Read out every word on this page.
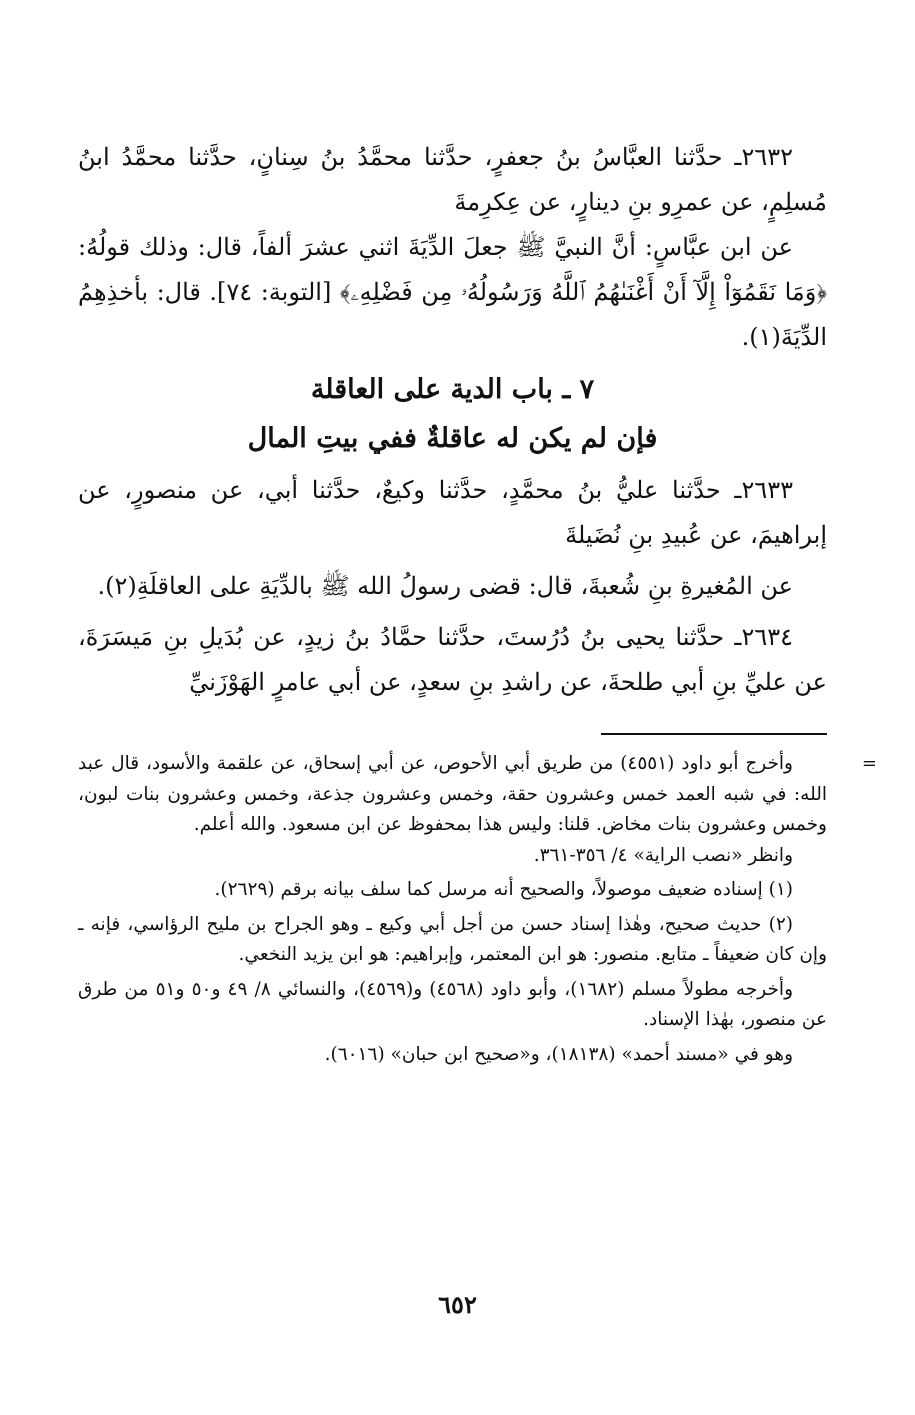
٢٦٣٢ـ حدَّثنا العبَّاسُ بنُ جعفرٍ، حدَّثنا محمَّدُ بنُ سِنانٍ، حدَّثنا محمَّدُ ابنُ مُسلِمٍ، عن عمرِو بنِ دينارٍ، عن عِكرِمةَ

عن ابن عبَّاسٍ: أنَّ النبيَّ ﷺ جعلَ الدِّيَةَ اثني عشرَ ألفاً، قال: وذلك قولُهُ: ﴿وَمَا نَقَمُوٓاْ إِلَّآ أَنْ أَغْنَىٰهُمُ ٱللَّهُ وَرَسُولُهُۥ مِن فَضْلِهِۦ﴾ [التوبة: ٧٤]. قال: بأخذِهِمُ الدِّيَةَ(١).

٧ ـ باب الدية على العاقلة
فإن لم يكن له عاقلةٌ ففي بيتِ المال

٢٦٣٣ـ حدَّثنا عليُّ بنُ محمَّدٍ، حدَّثنا وكيعٌ، حدَّثنا أبي، عن منصورٍ، عن إبراهيمَ، عن عُبيدِ بنِ نُضَيلةَ

عن المُغيرةِ بنِ شُعبةَ، قال: قضى رسولُ الله ﷺ بالدِّيَةِ على العاقلَةِ(٢).

٢٦٣٤ـ حدَّثنا يحيى بنُ دُرُستَ، حدَّثنا حمَّادُ بنُ زيدٍ، عن بُدَيلِ بنِ مَيسَرَةَ، عن عليِّ بنِ أبي طلحةَ، عن راشدِ بنِ سعدٍ، عن أبي عامرٍ الهَوْزَنيِّ

=

وأخرج أبو داود (٤٥٥١) من طريق أبي الأحوص، عن أبي إسحاق، عن علقمة والأسود، قال عبد الله: في شبه العمد خمس وعشرون حقة، وخمس وعشرون جذعة، وخمس وعشرون بنات لبون، وخمس وعشرون بنات مخاض. قلنا: وليس هذا بمحفوظ عن ابن مسعود. والله أعلم.

وانظر «نصب الراية» ٤/ ٣٥٦-٣٦١.

(١) إسناده ضعيف موصولاً، والصحيح أنه مرسل كما سلف بيانه برقم (٢٦٢٩).

(٢) حديث صحيح، وهٰذا إسناد حسن من أجل أبي وكيع ـ وهو الجراح بن مليح الرؤاسي، فإنه ـ وإن كان ضعيفاً ـ متابع. منصور: هو ابن المعتمر، وإبراهيم: هو ابن يزيد النخعي.

وأخرجه مطولاً مسلم (١٦٨٢)، وأبو داود (٤٥٦٨) و(٤٥٦٩)، والنسائي ٨/ ٤٩ و٥٠ و٥١ من طرق عن منصور، بهٰذا الإسناد.

وهو في «مسند أحمد» (١٨١٣٨)، و«صحيح ابن حبان» (٦٠١٦).

٦٥٢
